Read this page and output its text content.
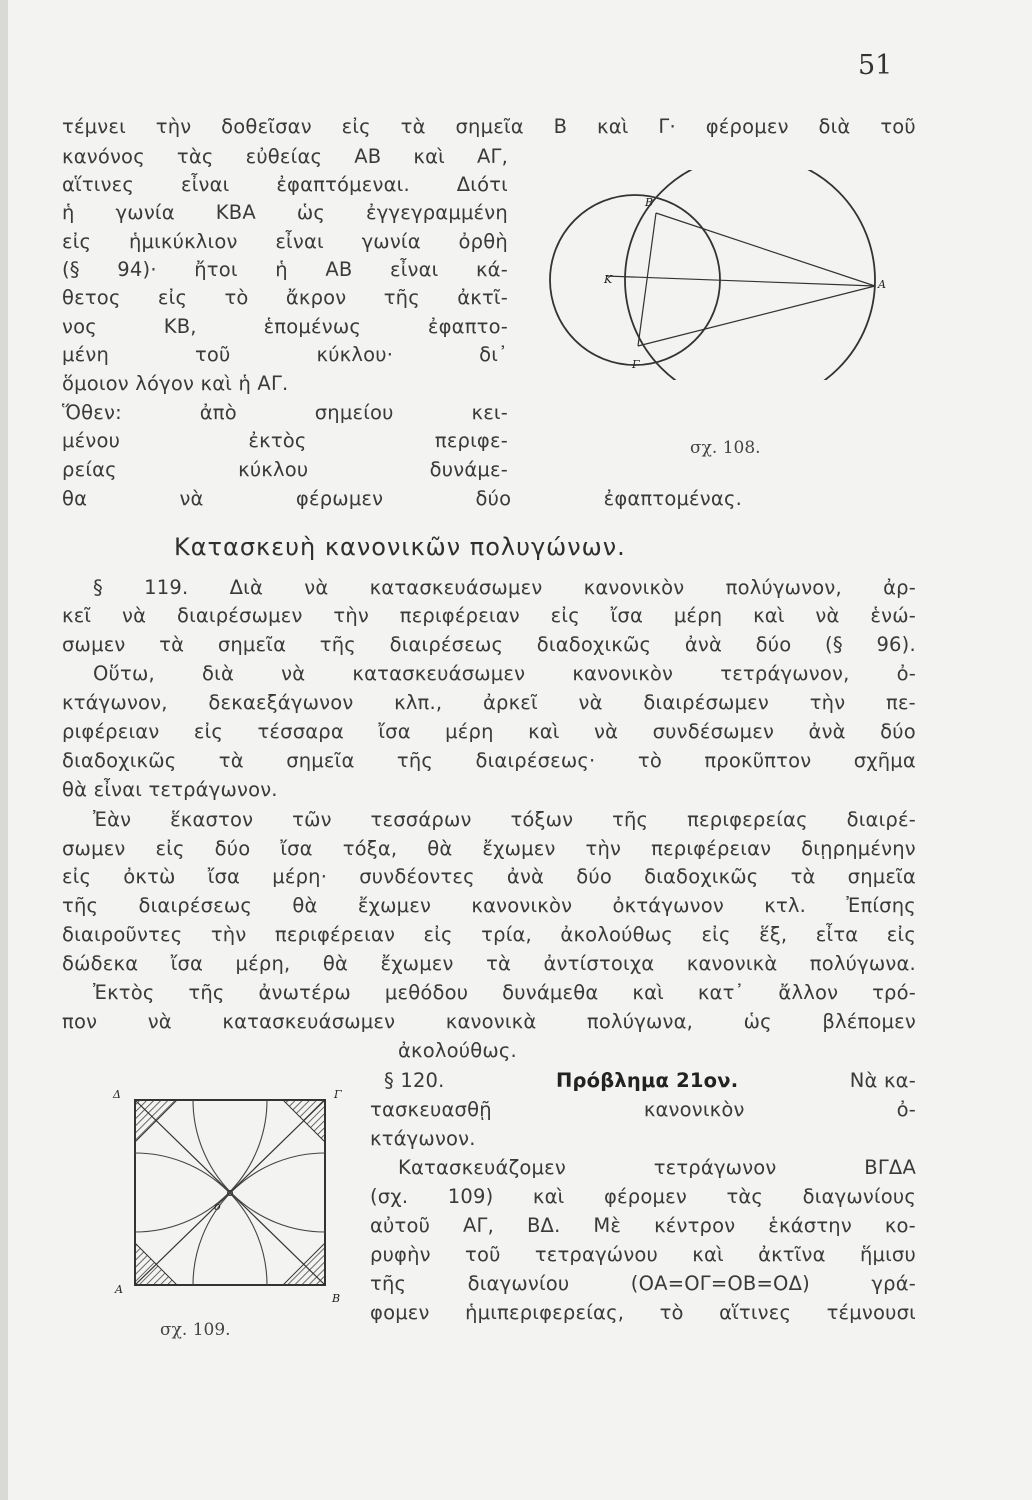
51
τέμνει τὴν δοθεῖσαν εἰς τὰ σημεῖα Β καὶ Γ· φέρομεν διὰ τοῦ
κανόνος τὰς εὐθείας ΑΒ καὶ ΑΓ,
αἵτινες εἶναι ἐφαπτόμεναι. Διότι
ἡ γωνία ΚΒΑ ὡς ἐγγεγραμμένη
εἰς ἡμικύκλιον εἶναι γωνία ὀρθὴ
(§ 94)· ἤτοι ἡ ΑΒ εἶναι κά-
θετος εἰς τὸ ἄκρον τῆς ἀκτῖ-
νος	ΚΒ,	ἑπομένως	ἐφαπτο-
μένη	τοῦ	κύκλου·	δι᾽
ὅμοιον λόγον καὶ ἡ ΑΓ.
Ὅθεν:	ἀπὸ	σημείου	κει-
μένου	ἐκτὸς	περιφε-
ρείας	κύκλου	δυνάμε-
θα	νὰ	φέρωμεν	δύο	ἐφαπτομένας.
B
K	A
Γ
σχ. 108.
Κατασκευὴ κανονικῶν πολυγώνων.
§ 119. Διὰ νὰ κατασκευάσωμεν κανονικὸν πολύγωνον, ἀρ-
κεῖ νὰ διαιρέσωμεν τὴν περιφέρειαν εἰς ἴσα μέρη καὶ νὰ ἑνώ-
σωμεν τὰ σημεῖα τῆς διαιρέσεως διαδοχικῶς ἀνὰ δύο (§ 96).
Οὕτω, διὰ νὰ κατασκευάσωμεν κανονικὸν τετράγωνον, ὀ-
κτάγωνον, δεκαεξάγωνον κλπ., ἀρκεῖ νὰ διαιρέσωμεν τὴν πε-
ριφέρειαν εἰς τέσσαρα ἴσα μέρη καὶ νὰ συνδέσωμεν ἀνὰ δύο
διαδοχικῶς τὰ σημεῖα τῆς διαιρέσεως· τὸ προκῦπτον σχῆμα
θὰ εἶναι τετράγωνον.
Ἐὰν ἕκαστον τῶν τεσσάρων τόξων τῆς περιφερείας διαιρέ-
σωμεν εἰς δύο ἴσα τόξα, θὰ ἔχωμεν τὴν περιφέρειαν διῃρημένην
εἰς ὀκτὼ ἴσα μέρη· συνδέοντες ἀνὰ δύο διαδοχικῶς τὰ σημεῖα
τῆς διαιρέσεως θὰ ἔχωμεν κανονικὸν ὀκτάγωνον κτλ. Ἐπίσης
διαιροῦντες τὴν περιφέρειαν εἰς τρία, ἀκολούθως εἰς ἕξ, εἶτα εἰς
δώδεκα ἴσα μέρη, θὰ ἔχωμεν τὰ ἀντίστοιχα κανονικὰ πολύγωνα.
Ἐκτὸς τῆς ἀνωτέρω μεθόδου δυνάμεθα καὶ κατ᾽ ἄλλον τρό-
πον	νὰ	κατασκευάσωμεν	κανονικὰ	πολύγωνα,	ὡς	βλέπομεν
ἀκολούθως.
§ 120.	Πρόβλημα 21ον.	Νὰ κα-
τασκευασθῇ	κανονικὸν	ὀ-
κτάγωνον.
Κατασκευάζομεν	τετράγωνον	ΒΓΔΑ
(σχ. 109) καὶ φέρομεν τὰς διαγωνίους
αὐτοῦ ΑΓ, ΒΔ. Μὲ κέντρον ἑκάστην κο-
ρυφὴν τοῦ τετραγώνου καὶ ἀκτῖνα ἥμισυ
τῆς	διαγωνίου	(ΟΑ=ΟΓ=ΟΒ=ΟΔ)	γρά-
φομεν ἡμιπεριφερείας, τὸ αἵτινες τέμνουσι
Δ	Γ
A
B
o
σχ. 109.
